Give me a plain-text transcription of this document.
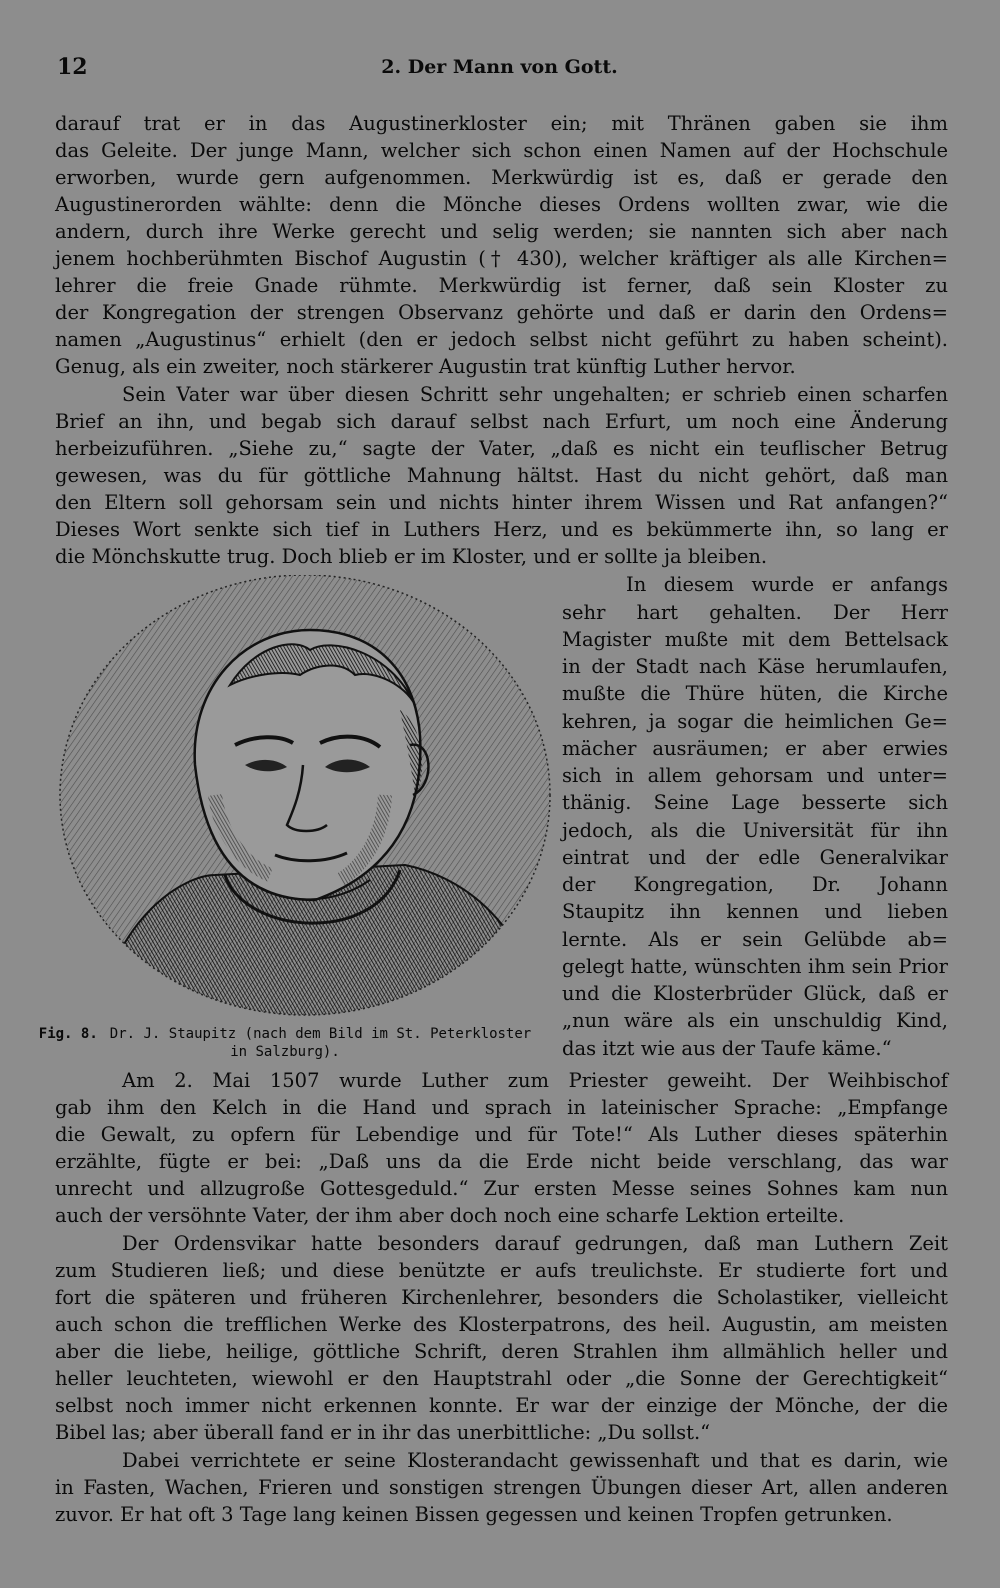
12	2. Der Mann von Gott.
darauf trat er in das Augustinerkloster ein; mit Thränen gaben sie ihm
das Geleite. Der junge Mann, welcher sich schon einen Namen auf der Hochschule
erworben, wurde gern aufgenommen. Merkwürdig ist es, daß er gerade den
Augustinerorden wählte: denn die Mönche dieses Ordens wollten zwar, wie die
andern, durch ihre Werke gerecht und selig werden; sie nannten sich aber nach
jenem hochberühmten Bischof Augustin († 430), welcher kräftiger als alle Kirchen=
lehrer die freie Gnade rühmte. Merkwürdig ist ferner, daß sein Kloster zu
der Kongregation der strengen Observanz gehörte und daß er darin den Ordens=
namen „Augustinus“ erhielt (den er jedoch selbst nicht geführt zu haben scheint).
Genug, als ein zweiter, noch stärkerer Augustin trat künftig Luther hervor.
Sein Vater war über diesen Schritt sehr ungehalten; er schrieb einen scharfen
Brief an ihn, und begab sich darauf selbst nach Erfurt, um noch eine Änderung
herbeizuführen. „Siehe zu,“ sagte der Vater, „daß es nicht ein teuflischer Betrug
gewesen, was du für göttliche Mahnung hältst. Hast du nicht gehört, daß man
den Eltern soll gehorsam sein und nichts hinter ihrem Wissen und Rat anfangen?“
Dieses Wort senkte sich tief in Luthers Herz, und es bekümmerte ihn, so lang er
die Mönchskutte trug. Doch blieb er im Kloster, und er sollte ja bleiben.
In diesem wurde er anfangs
sehr hart gehalten. Der Herr
Magister mußte mit dem Bettelsack
in der Stadt nach Käse herumlaufen,
mußte die Thüre hüten, die Kirche
kehren, ja sogar die heimlichen Ge=
mächer ausräumen; er aber erwies
sich in allem gehorsam und unter=
thänig. Seine Lage besserte sich
jedoch, als die Universität für ihn
eintrat und der edle Generalvikar
der Kongregation, Dr. Johann
Staupitz ihn kennen und lieben
lernte. Als er sein Gelübde ab=
gelegt hatte, wünschten ihm sein Prior
und die Klosterbrüder Glück, daß er
„nun wäre als ein unschuldig Kind,
das itzt wie aus der Taufe käme.“
Fig. 8. Dr. J. Staupitz (nach dem Bild im St. Peterkloster
in Salzburg).
Am 2. Mai 1507 wurde Luther zum Priester geweiht. Der Weihbischof
gab ihm den Kelch in die Hand und sprach in lateinischer Sprache: „Empfange
die Gewalt, zu opfern für Lebendige und für Tote!“ Als Luther dieses späterhin
erzählte, fügte er bei: „Daß uns da die Erde nicht beide verschlang, das war
unrecht und allzugroße Gottesgeduld.“ Zur ersten Messe seines Sohnes kam nun
auch der versöhnte Vater, der ihm aber doch noch eine scharfe Lektion erteilte.
Der Ordensvikar hatte besonders darauf gedrungen, daß man Luthern Zeit
zum Studieren ließ; und diese benützte er aufs treulichste. Er studierte fort und
fort die späteren und früheren Kirchenlehrer, besonders die Scholastiker, vielleicht
auch schon die trefflichen Werke des Klosterpatrons, des heil. Augustin, am meisten
aber die liebe, heilige, göttliche Schrift, deren Strahlen ihm allmählich heller und
heller leuchteten, wiewohl er den Hauptstrahl oder „die Sonne der Gerechtigkeit“
selbst noch immer nicht erkennen konnte. Er war der einzige der Mönche, der die
Bibel las; aber überall fand er in ihr das unerbittliche: „Du sollst.“
Dabei verrichtete er seine Klosterandacht gewissenhaft und that es darin, wie
in Fasten, Wachen, Frieren und sonstigen strengen Übungen dieser Art, allen anderen
zuvor. Er hat oft 3 Tage lang keinen Bissen gegessen und keinen Tropfen getrunken.
